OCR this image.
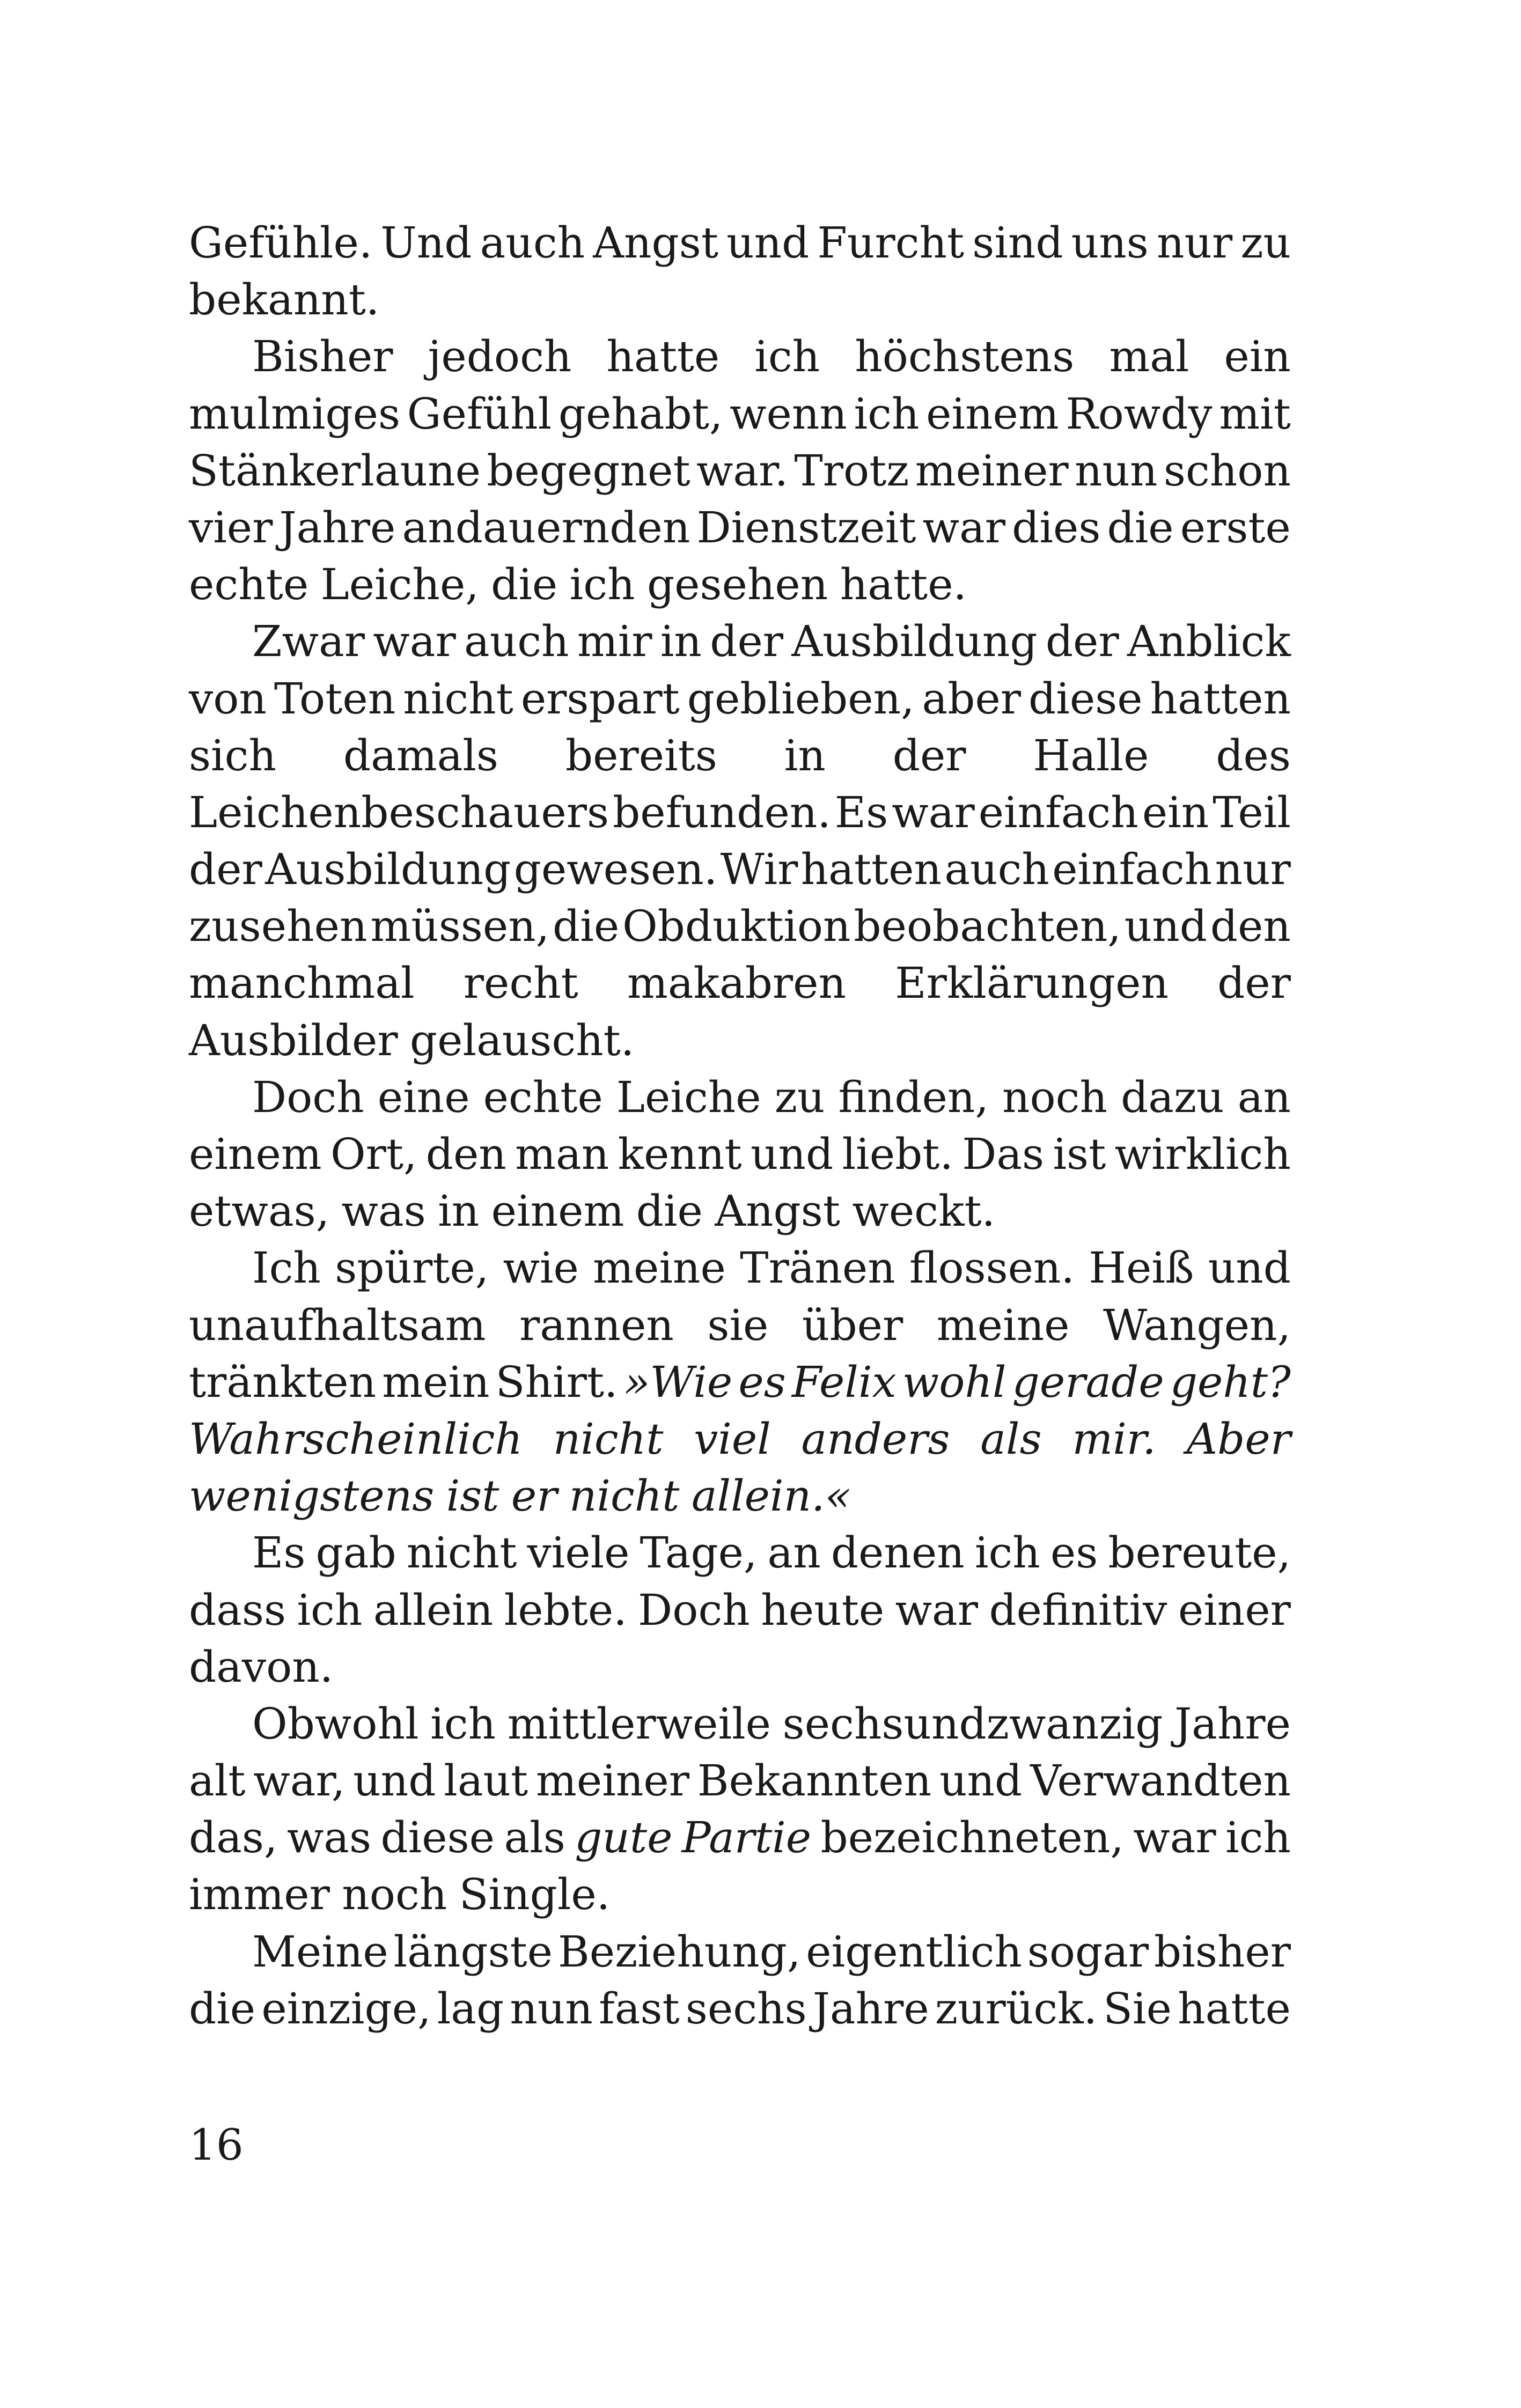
Gefühle. Und auch Angst und Furcht sind uns nur zu
bekannt.
Bisher jedoch hatte ich höchstens mal ein
mulmiges Gefühl gehabt, wenn ich einem Rowdy mit
Stänkerlaune begegnet war. Trotz meiner nun schon
vier Jahre andauernden Dienstzeit war dies die erste
echte Leiche, die ich gesehen hatte.
Zwar war auch mir in der Ausbildung der Anblick
von Toten nicht erspart geblieben, aber diese hatten
sich damals bereits in der Halle des
Leichenbeschauers befunden. Es war einfach ein Teil
der Ausbildung gewesen. Wir hatten auch einfach nur
zusehen müssen, die Obduktion beobachten, und den
manchmal recht makabren Erklärungen der
Ausbilder gelauscht.
Doch eine echte Leiche zu finden, noch dazu an
einem Ort, den man kennt und liebt. Das ist wirklich
etwas, was in einem die Angst weckt.
Ich spürte, wie meine Tränen flossen. Heiß und
unaufhaltsam rannen sie über meine Wangen,
tränkten mein Shirt. »Wie es Felix wohl gerade geht?
Wahrscheinlich nicht viel anders als mir. Aber
wenigstens ist er nicht allein.«
Es gab nicht viele Tage, an denen ich es bereute,
dass ich allein lebte. Doch heute war definitiv einer
davon.
Obwohl ich mittlerweile sechsundzwanzig Jahre
alt war, und laut meiner Bekannten und Verwandten
das, was diese als gute Partie bezeichneten, war ich
immer noch Single.
Meine längste Beziehung, eigentlich sogar bisher
die einzige, lag nun fast sechs Jahre zurück. Sie hatte
16
